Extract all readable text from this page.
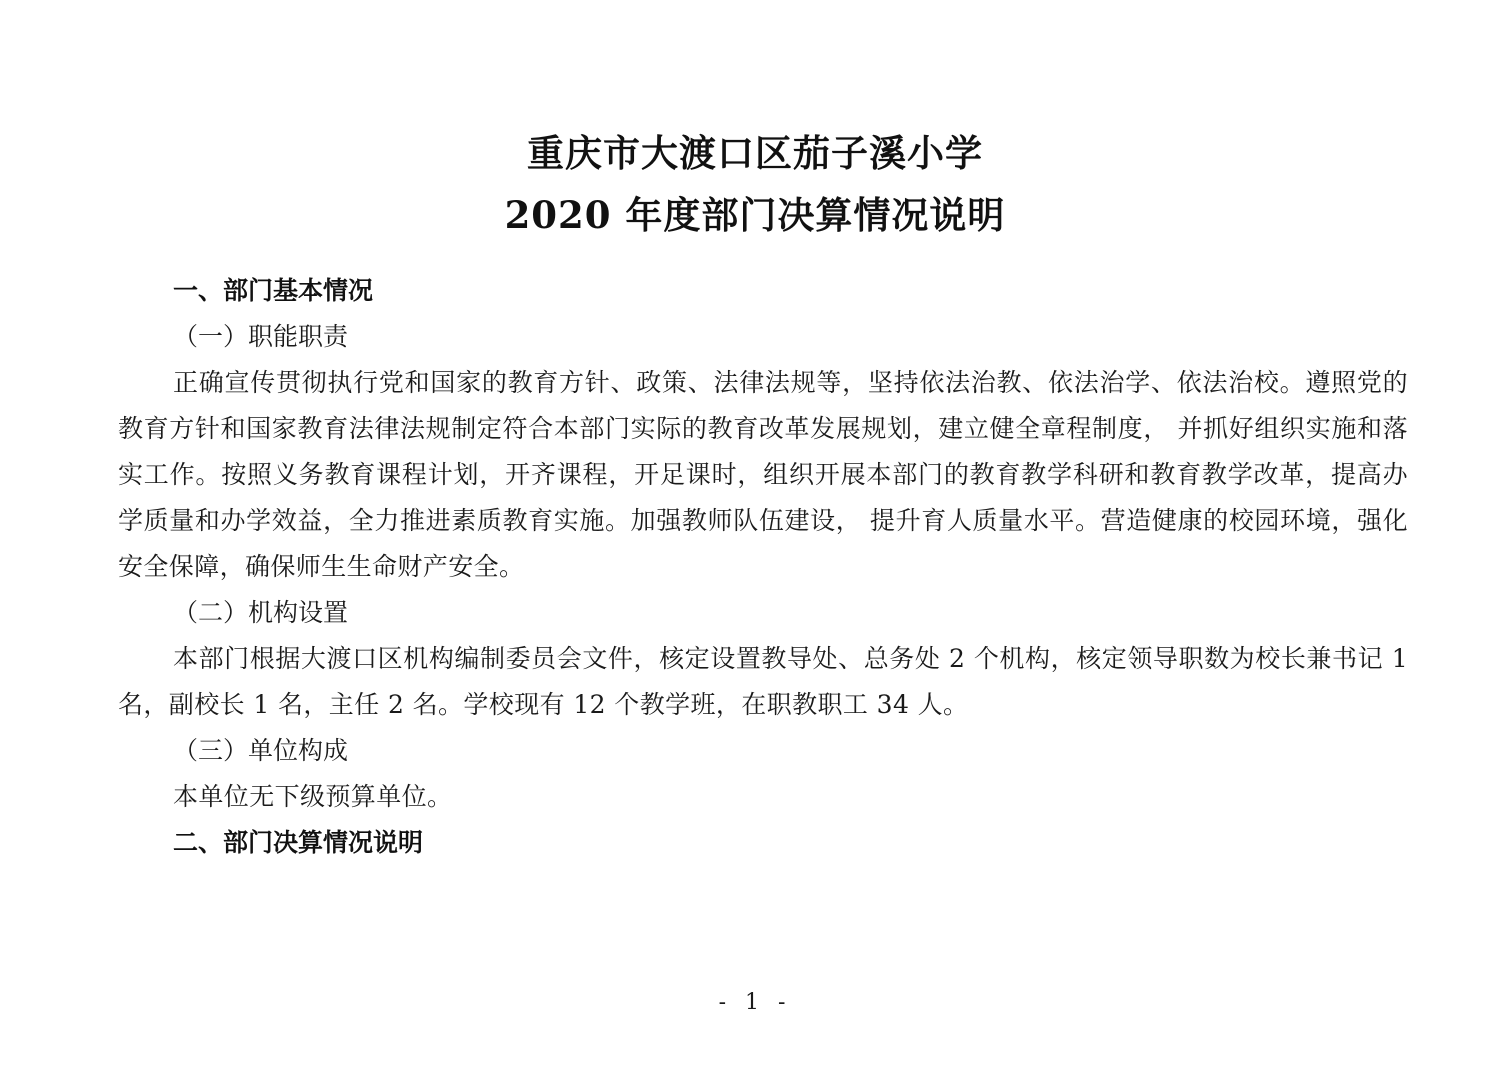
重庆市大渡口区茄子溪小学
2020 年度部门决算情况说明

一、部门基本情况

（一）职能职责

正确宣传贯彻执行党和国家的教育方针、政策、法律法规等，坚持依法治教、依法治学、依法治校。遵照党的教育方针和国家教育法律法规制定符合本部门实际的教育改革发展规划，建立健全章程制度， 并抓好组织实施和落实工作。按照义务教育课程计划，开齐课程，开足课时，组织开展本部门的教育教学科研和教育教学改革，提高办学质量和办学效益，全力推进素质教育实施。加强教师队伍建设， 提升育人质量水平。营造健康的校园环境，强化安全保障，确保师生生命财产安全。

（二）机构设置

本部门根据大渡口区机构编制委员会文件，核定设置教导处、总务处 2 个机构，核定领导职数为校长兼书记 1 名，副校长 1 名，主任 2 名。学校现有 12 个教学班，在职教职工 34 人。

（三）单位构成

本单位无下级预算单位。

二、部门决算情况说明

- 1 -
